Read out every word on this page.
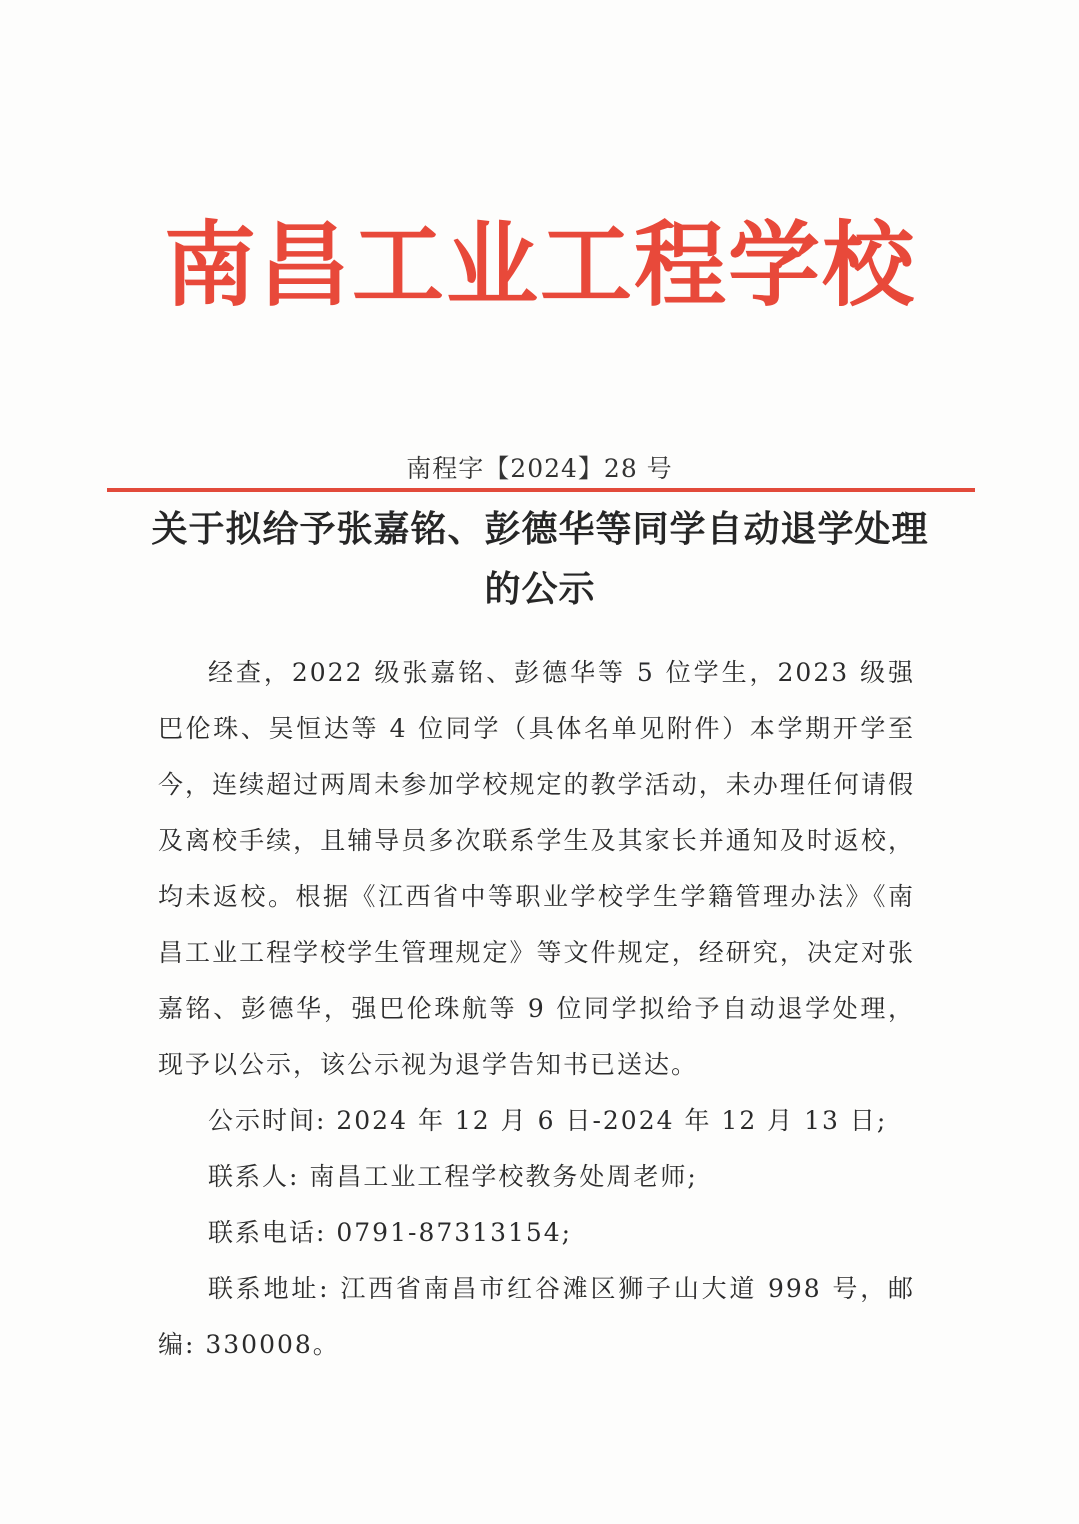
南昌工业工程学校
南程字【2024】28 号
关于拟给予张嘉铭、彭德华等同学自动退学处理的公示

经查，2022 级张嘉铭、彭德华等 5 位学生，2023 级强巴伦珠、吴恒达等 4 位同学（具体名单见附件）本学期开学至今，连续超过两周未参加学校规定的教学活动，未办理任何请假及离校手续，且辅导员多次联系学生及其家长并通知及时返校，均未返校。根据《江西省中等职业学校学生学籍管理办法》《南昌工业工程学校学生管理规定》等文件规定，经研究，决定对张嘉铭、彭德华，强巴伦珠航等 9 位同学拟给予自动退学处理，现予以公示，该公示视为退学告知书已送达。

公示时间: 2024 年 12 月 6 日-2024 年 12 月 13 日;

联系人: 南昌工业工程学校教务处周老师;

联系电话: 0791-87313154;

联系地址: 江西省南昌市红谷滩区狮子山大道 998 号，邮编: 330008。
